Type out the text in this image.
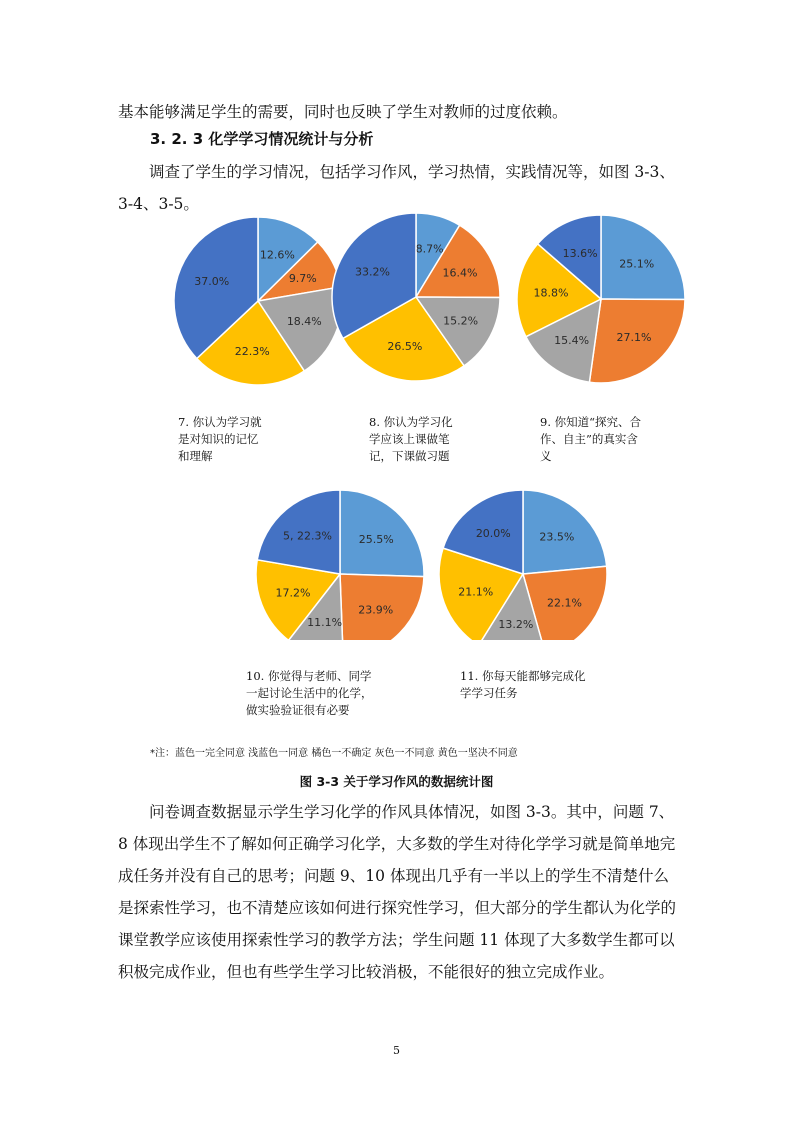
基本能够满足学生的需要，同时也反映了学生对教师的过度依赖。

3. 2. 3 化学学习情况统计与分析

调查了学生的学习情况，包括学习作风，学习热情，实践情况等，如图 3-3、3-4、3-5。

12.6%
9.7%
18.4%
22.3%
37.0%
8.7%
16.4%
15.2%
26.5%
33.2%
25.1%
27.1%
15.4%
18.8%
13.6%
25.5%
23.9%
11.1%
17.2%
5, 22.3%	23.5%
22.1%
13.2%
21.1%
20.0%
7. 你认为学习就
是对知识的记忆
和理解
8. 你认为学习化
学应该上课做笔
记，下课做习题
9. 你知道“探究、合
作、自主”的真实含
义
10. 你觉得与老师、同学
一起讨论生活中的化学，
做实验验证很有必要
11. 你每天能都够完成化
学学习任务

*注：蓝色一完全同意 浅蓝色一同意 橘色一不确定 灰色一不同意 黄色一坚决不同意

图 3-3 关于学习作风的数据统计图

问卷调查数据显示学生学习化学的作风具体情况，如图 3-3。其中，问题 7、8 体现出学生不了解如何正确学习化学，大多数的学生对待化学学习就是简单地完成任务并没有自己的思考；问题 9、10 体现出几乎有一半以上的学生不清楚什么是探索性学习，也不清楚应该如何进行探究性学习，但大部分的学生都认为化学的课堂教学应该使用探索性学习的教学方法；学生问题 11 体现了大多数学生都可以积极完成作业，但也有些学生学习比较消极，不能很好的独立完成作业。

5
